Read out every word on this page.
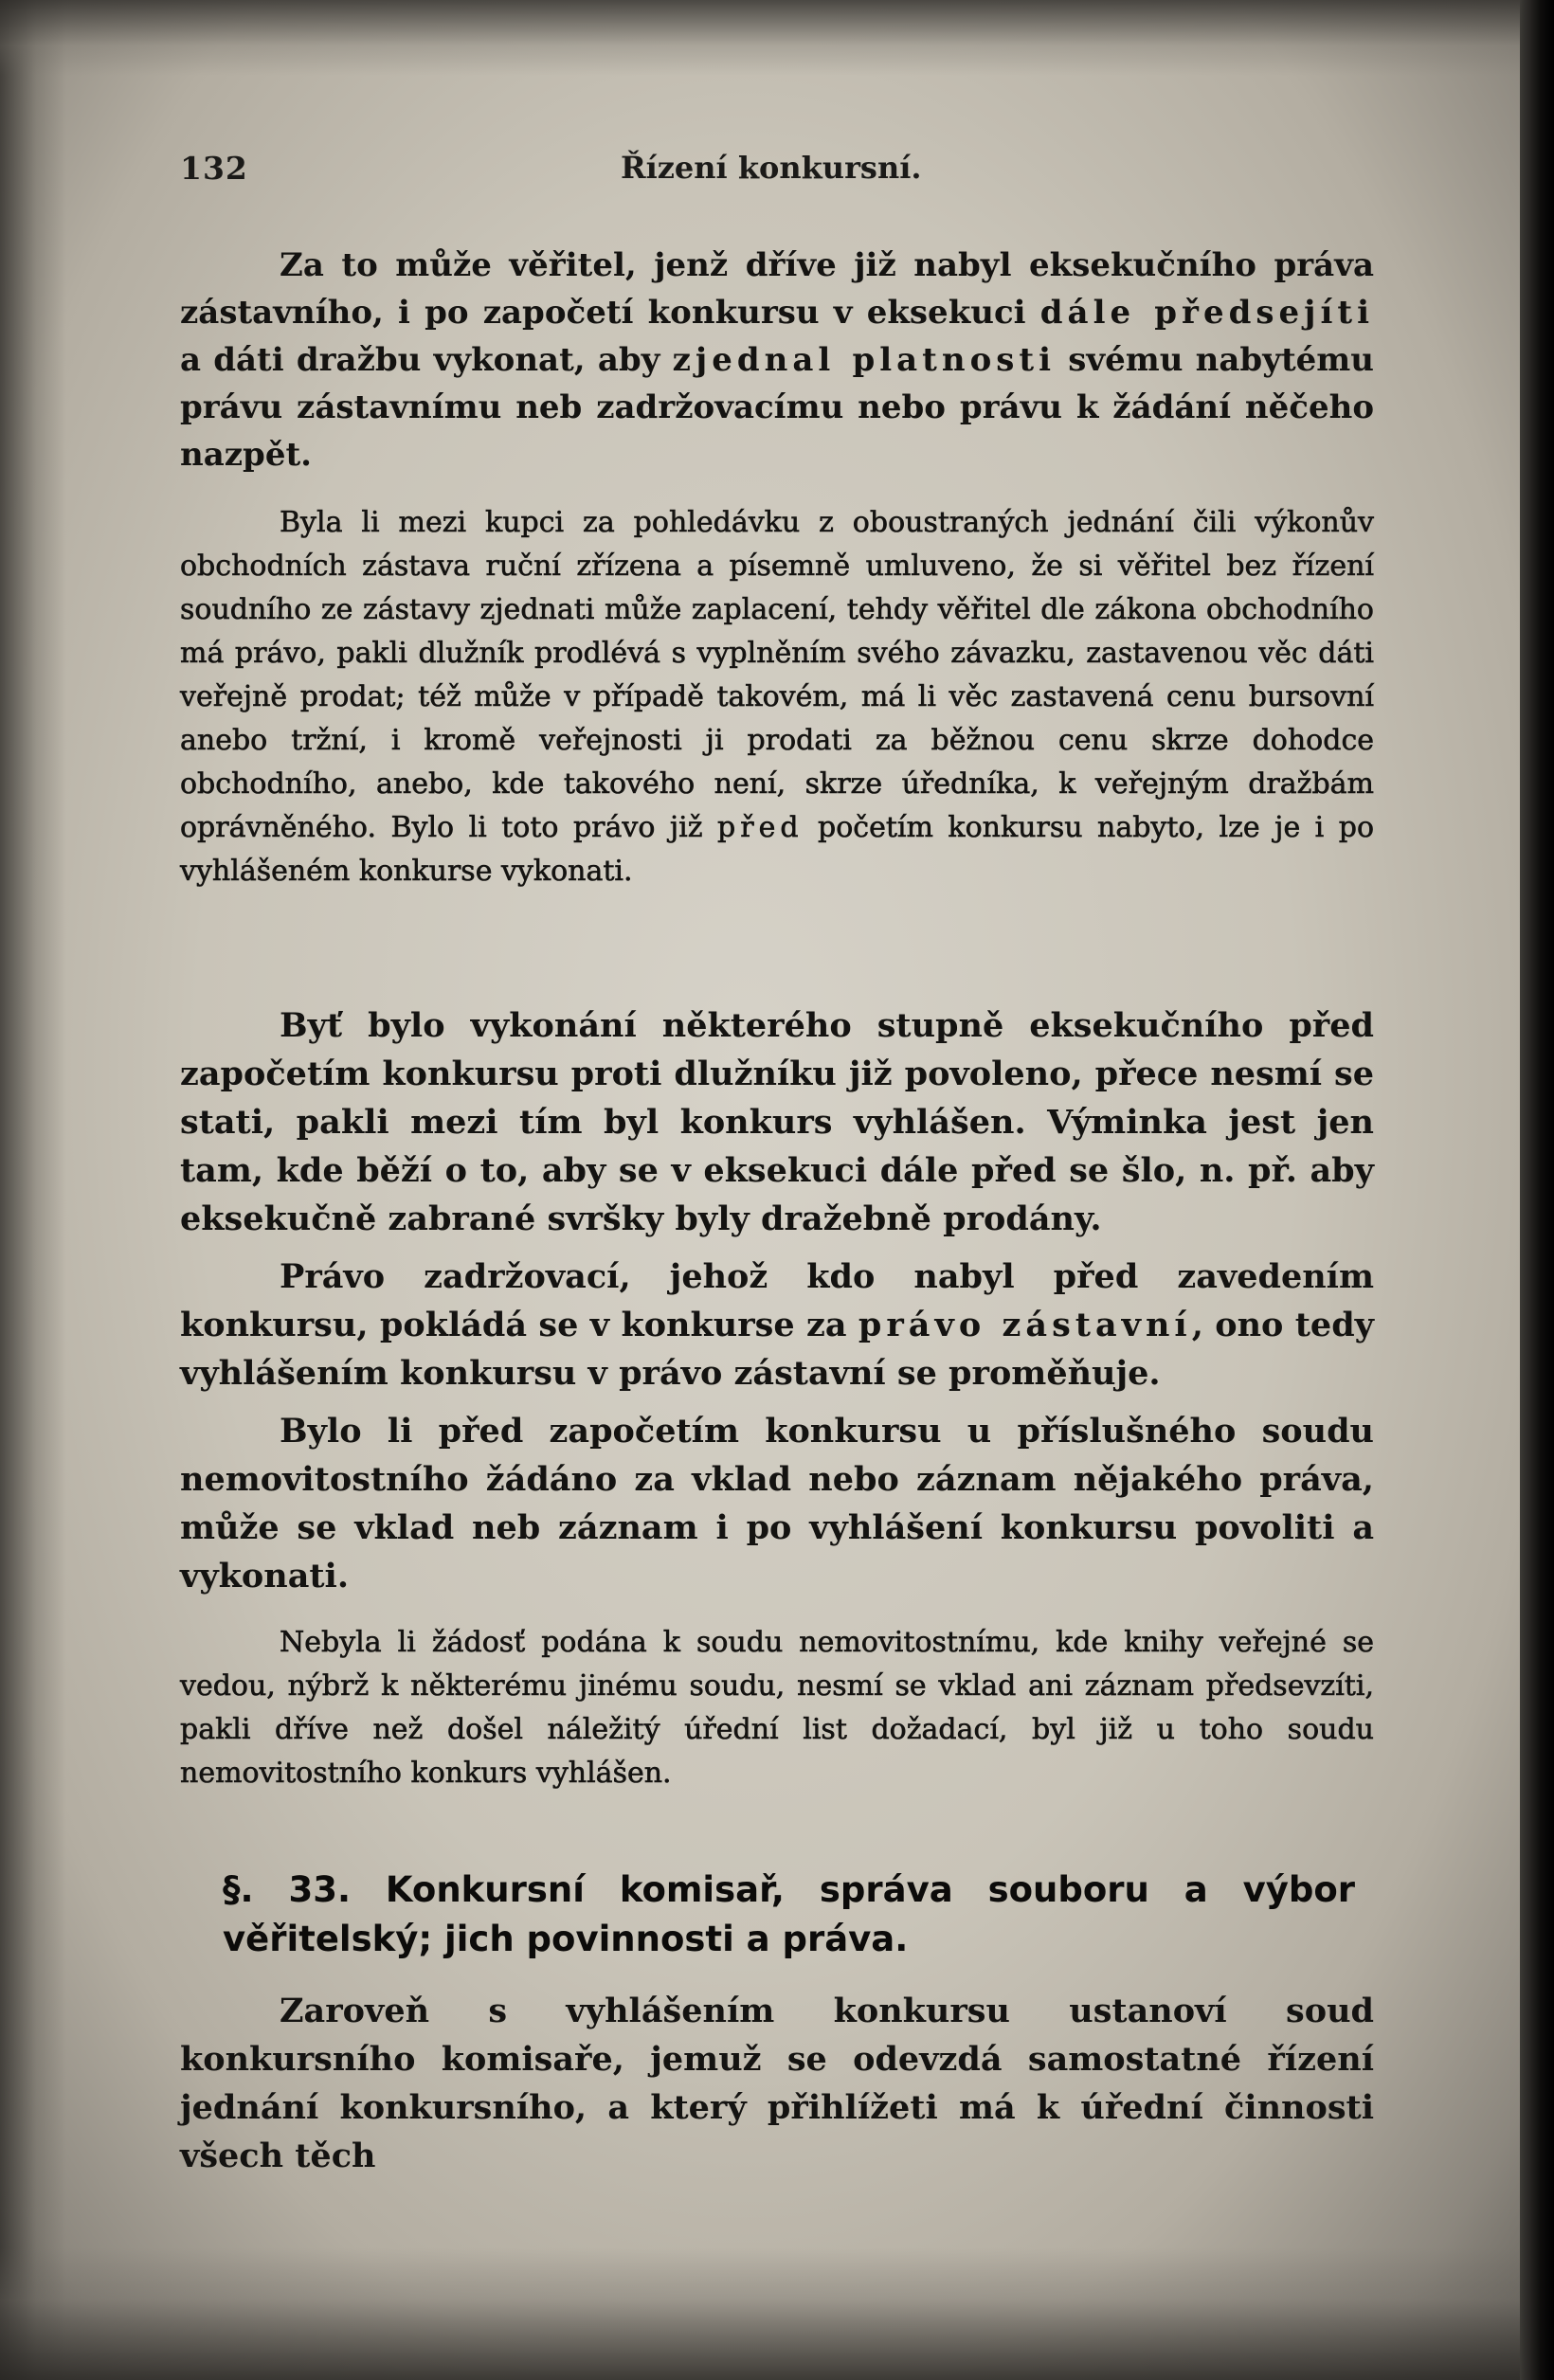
132	Řízení konkursní.

Za to může věřitel, jenž dříve již nabyl eksekučního práva zástavního, i po započetí konkursu v eksekuci dále předsejíti a dáti dražbu vykonat, aby zjednal platnosti svému nabytému právu zástavnímu neb zadržovacímu nebo právu k žádání něčeho nazpět.

Byla li mezi kupci za pohledávku z oboustraných jednání čili výkonův obchodních zástava ruční zřízena a písemně umluveno, že si věřitel bez řízení soudního ze zástavy zjednati může zaplacení, tehdy věřitel dle zákona obchodního má právo, pakli dlužník prodlévá s vyplněním svého závazku, zastavenou věc dáti veřejně prodat; též může v případě takovém, má li věc zastavená cenu bursovní anebo tržní, i kromě veřejnosti ji prodati za běžnou cenu skrze dohodce obchodního, anebo, kde takového není, skrze úředníka, k veřejným dražbám oprávněného. Bylo li toto právo již před početím konkursu nabyto, lze je i po vyhlášeném konkurse vykonati.

Byť bylo vykonání některého stupně eksekučního před započetím konkursu proti dlužníku již povoleno, přece nesmí se stati, pakli mezi tím byl konkurs vyhlášen. Výminka jest jen tam, kde běží o to, aby se v eksekuci dále před se šlo, n. př. aby eksekučně zabrané svršky byly dražebně prodány.

Právo zadržovací, jehož kdo nabyl před zavedením konkursu, pokládá se v konkurse za právo zástavní, ono tedy vyhlášením konkursu v právo zástavní se proměňuje.

Bylo li před započetím konkursu u příslušného soudu nemovitostního žádáno za vklad nebo záznam nějakého práva, může se vklad neb záznam i po vyhlášení konkursu povoliti a vykonati.

Nebyla li žádosť podána k soudu nemovitostnímu, kde knihy veřejné se vedou, nýbrž k některému jinému soudu, nesmí se vklad ani záznam předsevzíti, pakli dříve než došel náležitý úřední list dožadací, byl již u toho soudu nemovitostního konkurs vyhlášen.

§. 33. Konkursní komisař, správa souboru a výbor věřitelský; jich povinnosti a práva.

Zaroveň s vyhlášením konkursu ustanoví soud konkursního komisaře, jemuž se odevzdá samostatné řízení jednání konkursního, a který přihlížeti má k úřední činnosti všech těch
